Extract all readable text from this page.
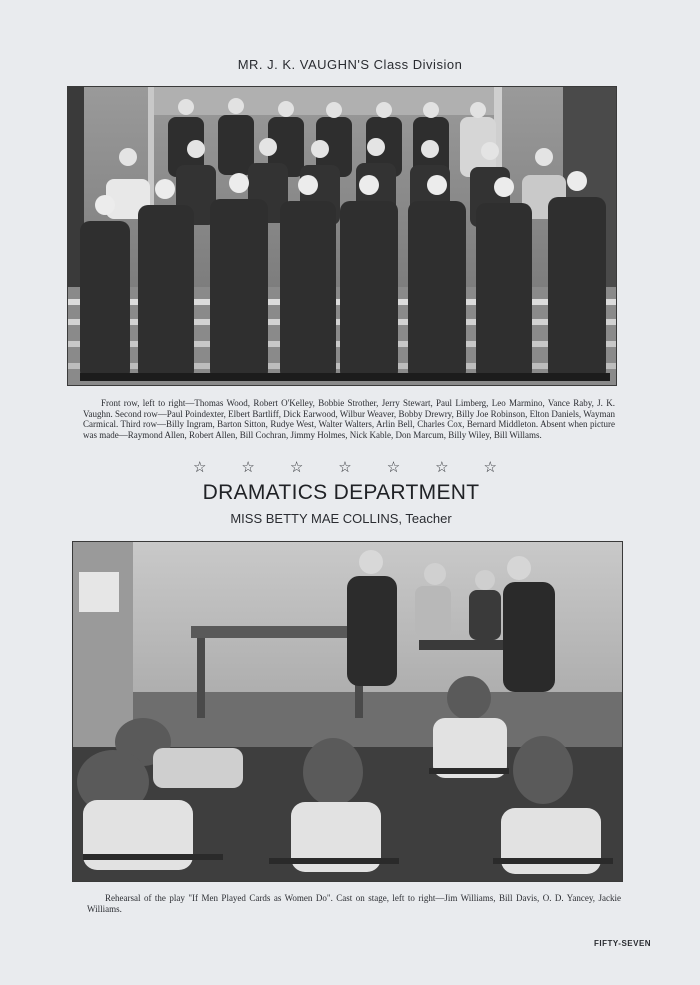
MR. J. K. VAUGHN'S Class Division
Front row, left to right—Thomas Wood, Robert O'Kelley, Bobbie Strother, Jerry Stewart, Paul Limberg, Leo Marmino, Vance Raby, J. K. Vaughn. Second row—Paul Poindexter, Elbert Bartliff, Dick Earwood, Wilbur Weaver, Bobby Drewry, Billy Joe Robinson, Elton Daniels, Wayman Carmical. Third row—Billy Ingram, Barton Sitton, Rudye West, Walter Walters, Arlin Bell, Charles Cox, Bernard Middleton. Absent when picture was made—Raymond Allen, Robert Allen, Bill Cochran, Jimmy Holmes, Nick Kable, Don Marcum, Billy Wiley, Bill Willams.
☆ ☆ ☆ ☆ ☆ ☆ ☆
DRAMATICS DEPARTMENT
MISS BETTY MAE COLLINS, Teacher
Rehearsal of the play "If Men Played Cards as Women Do". Cast on stage, left to right—Jim Williams, Bill Davis, O. D. Yancey, Jackie Williams.
FIFTY-SEVEN
